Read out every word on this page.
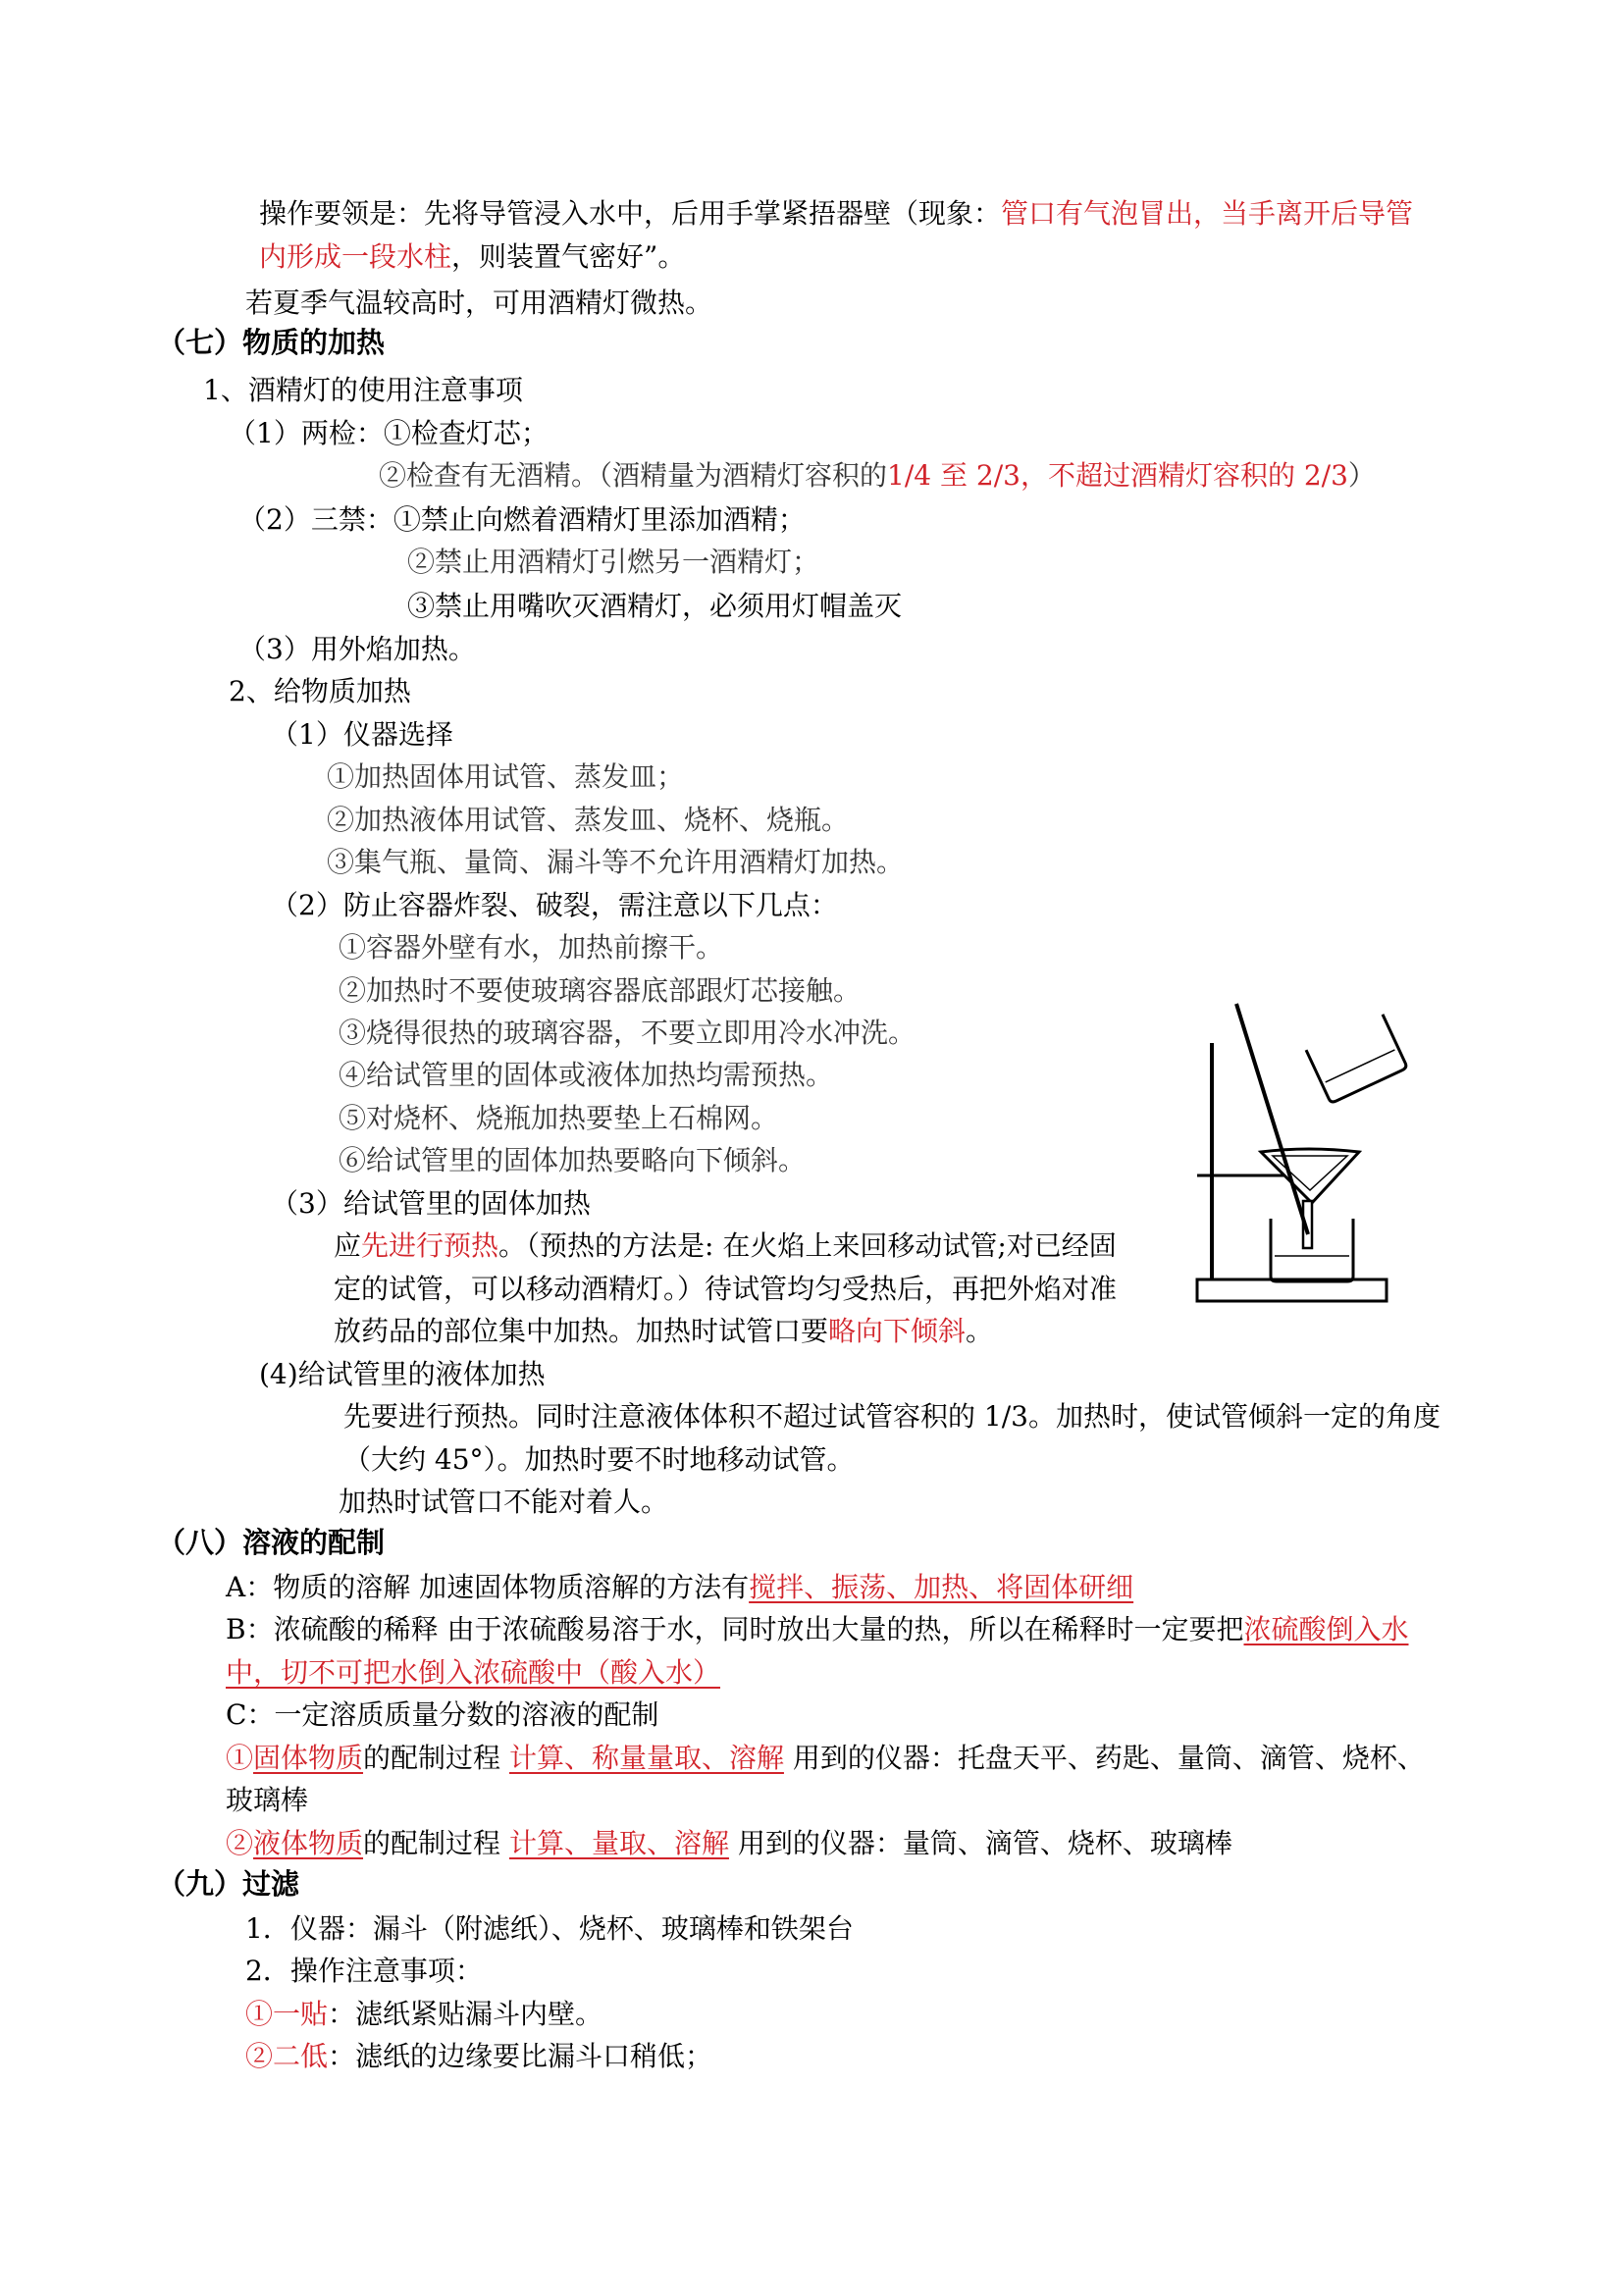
操作要领是：先将导管浸入水中，后用手掌紧捂器壁（现象：管口有气泡冒出，当手离开后导管
内形成一段水柱，则装置气密好”。
若夏季气温较高时，可用酒精灯微热。
（七）物质的加热
1、酒精灯的使用注意事项
（1）两检：①检查灯芯；
②检查有无酒精。（酒精量为酒精灯容积的1/4 至 2/3，不超过酒精灯容积的 2/3）
（2）三禁：①禁止向燃着酒精灯里添加酒精；
②禁止用酒精灯引燃另一酒精灯；
③禁止用嘴吹灭酒精灯，必须用灯帽盖灭
（3）用外焰加热。
2、给物质加热
（1）仪器选择
①加热固体用试管、蒸发皿；
②加热液体用试管、蒸发皿、烧杯、烧瓶。
③集气瓶、量筒、漏斗等不允许用酒精灯加热。
（2）防止容器炸裂、破裂，需注意以下几点：
①容器外壁有水，加热前擦干。
②加热时不要使玻璃容器底部跟灯芯接触。
③烧得很热的玻璃容器，不要立即用冷水冲洗。
④给试管里的固体或液体加热均需预热。
⑤对烧杯、烧瓶加热要垫上石棉网。
⑥给试管里的固体加热要略向下倾斜。
（3）给试管里的固体加热
应先进行预热。（预热的方法是: 在火焰上来回移动试管;对已经固
定的试管，可以移动酒精灯。）待试管均匀受热后，再把外焰对准
放药品的部位集中加热。加热时试管口要略向下倾斜。
(4)给试管里的液体加热
先要进行预热。同时注意液体体积不超过试管容积的 1/3。加热时，使试管倾斜一定的角度
（大约 45°）。加热时要不时地移动试管。
加热时试管口不能对着人。
（八）溶液的配制
A：物质的溶解 加速固体物质溶解的方法有搅拌、振荡、加热、将固体研细
B：浓硫酸的稀释 由于浓硫酸易溶于水，同时放出大量的热，所以在稀释时一定要把浓硫酸倒入水
中，切不可把水倒入浓硫酸中（酸入水）
C：一定溶质质量分数的溶液的配制
①固体物质的配制过程 计算、称量量取、溶解 用到的仪器：托盘天平、药匙、量筒、滴管、烧杯、
玻璃棒
②液体物质的配制过程 计算、量取、溶解 用到的仪器：量筒、滴管、烧杯、玻璃棒
（九）过滤
1．仪器：漏斗（附滤纸）、烧杯、玻璃棒和铁架台
2．操作注意事项：
①一贴：滤纸紧贴漏斗内壁。
②二低：滤纸的边缘要比漏斗口稍低；
